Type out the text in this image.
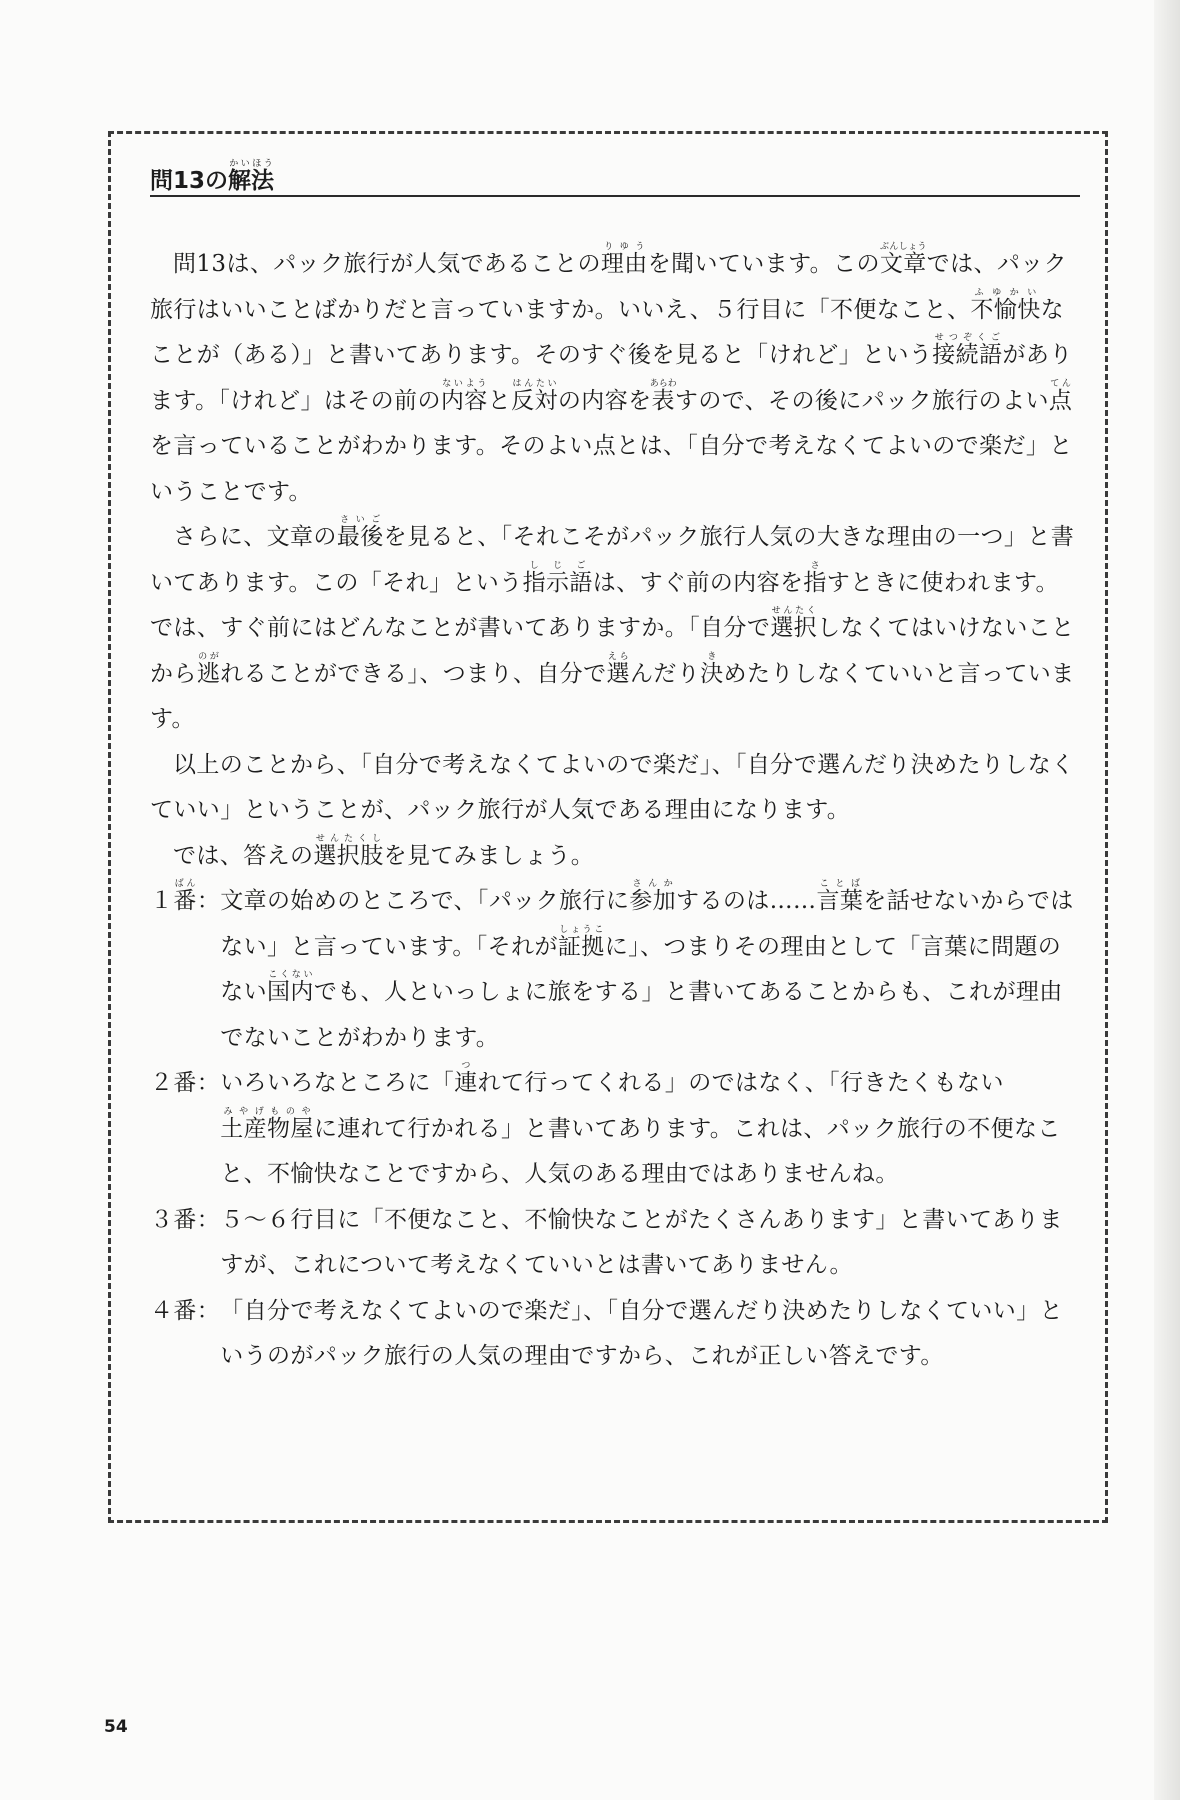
問13の解法かいほう

問13は、パック旅行が人気であることの理由りゆうを聞いています。この文章ぶんしょうでは、パック旅行はいいことばかりだと言っていますか。いいえ、５行目に「不便なこと、不愉快ふゆかいなことが（ある）」と書いてあります。そのすぐ後を見ると「けれど」という接続語せつぞくごがあります。「けれど」はその前の内容ないようと反対はんたいの内容を表あらわすので、その後にパック旅行のよい点てんを言っていることがわかります。そのよい点とは、「自分で考えなくてよいので楽だ」ということです。

さらに、文章の最後さいごを見ると、「それこそがパック旅行人気の大きな理由の一つ」と書いてあります。この「それ」という指示語しじごは、すぐ前の内容を指さすときに使われます。では、すぐ前にはどんなことが書いてありますか。「自分で選択せんたくしなくてはいけないことから逃のがれることができる」、つまり、自分で選えらんだり決きめたりしなくていいと言っています。

以上のことから、「自分で考えなくてよいので楽だ」、「自分で選んだり決めたりしなくていい」ということが、パック旅行が人気である理由になります。

では、答えの選択肢せんたくしを見てみましょう。

１番ばん： 文章の始めのところで、「パック旅行に参加さんかするのは……言葉ことばを話せないからではない」と言っています。「それが証拠しょうこに」、つまりその理由として「言葉に問題のない国内こくないでも、人といっしょに旅をする」と書いてあることからも、これが理由でないことがわかります。
２番： いろいろなところに「連つれて行ってくれる」のではなく、「行きたくもない土産物屋みやげものやに連れて行かれる」と書いてあります。これは、パック旅行の不便なこと、不愉快なことですから、人気のある理由ではありませんね。
３番： ５～６行目に「不便なこと、不愉快なことがたくさんあります」と書いてありますが、これについて考えなくていいとは書いてありません。
４番： 「自分で考えなくてよいので楽だ」、「自分で選んだり決めたりしなくていい」というのがパック旅行の人気の理由ですから、これが正しい答えです。
54
